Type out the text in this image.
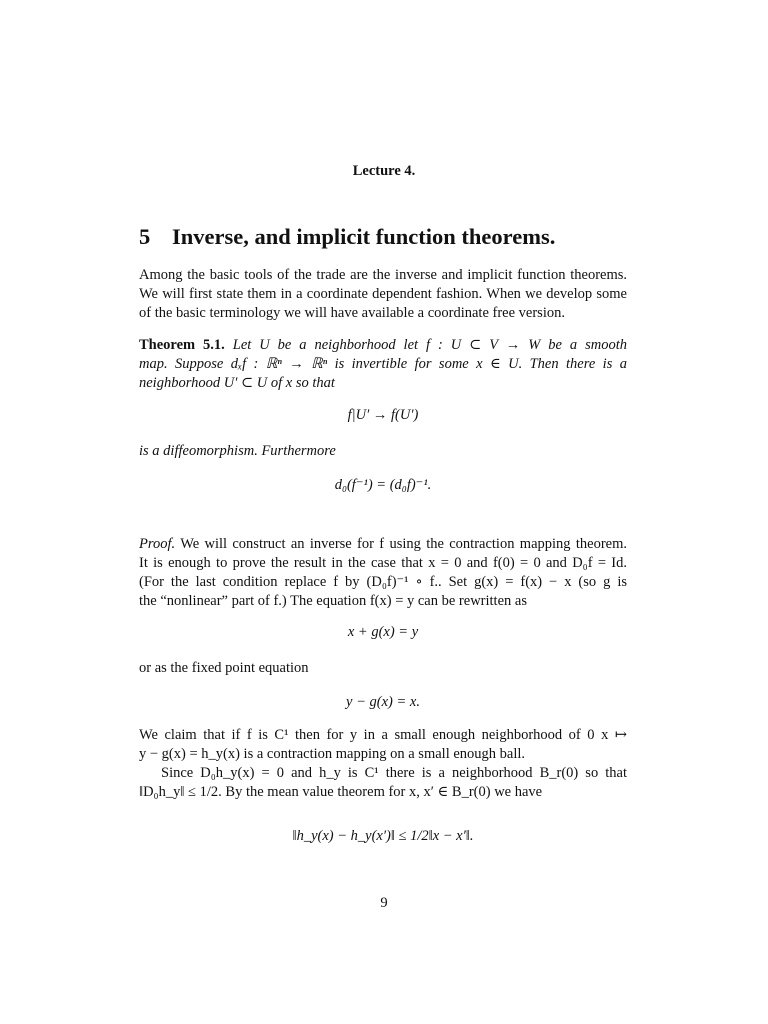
Lecture 4.
5 Inverse, and implicit function theorems.
Among the basic tools of the trade are the inverse and implicit function theorems.
We will first state them in a coordinate dependent fashion. When we develop some
of the basic terminology we will have available a coordinate free version.
Theorem 5.1. Let U be a neighborhood let f : U ⊂ V → W be a smooth
map. Suppose dₓf : ℝⁿ → ℝⁿ is invertible for some x ∈ U. Then there is a
neighborhood U′ ⊂ U of x so that
f|U′ → f(U′)
is a diffeomorphism. Furthermore
d₀(f⁻¹) = (d₀f)⁻¹.
Proof. We will construct an inverse for f using the contraction mapping theorem.
It is enough to prove the result in the case that x = 0 and f(0) = 0 and D₀f = Id.
(For the last condition replace f by (D₀f)⁻¹ ∘ f.. Set g(x) = f(x) − x (so g is
the “nonlinear” part of f.) The equation f(x) = y can be rewritten as
x + g(x) = y
or as the fixed point equation
y − g(x) = x.
We claim that if f is C¹ then for y in a small enough neighborhood of 0 x ↦
y − g(x) = h_y(x) is a contraction mapping on a small enough ball.
Since D₀h_y(x) = 0 and h_y is C¹ there is a neighborhood B_r(0) so that
‖D₀h_y‖ ≤ 1/2. By the mean value theorem for x, x′ ∈ B_r(0) we have
‖h_y(x) − h_y(x′)‖ ≤ 1/2‖x − x′‖.
9
